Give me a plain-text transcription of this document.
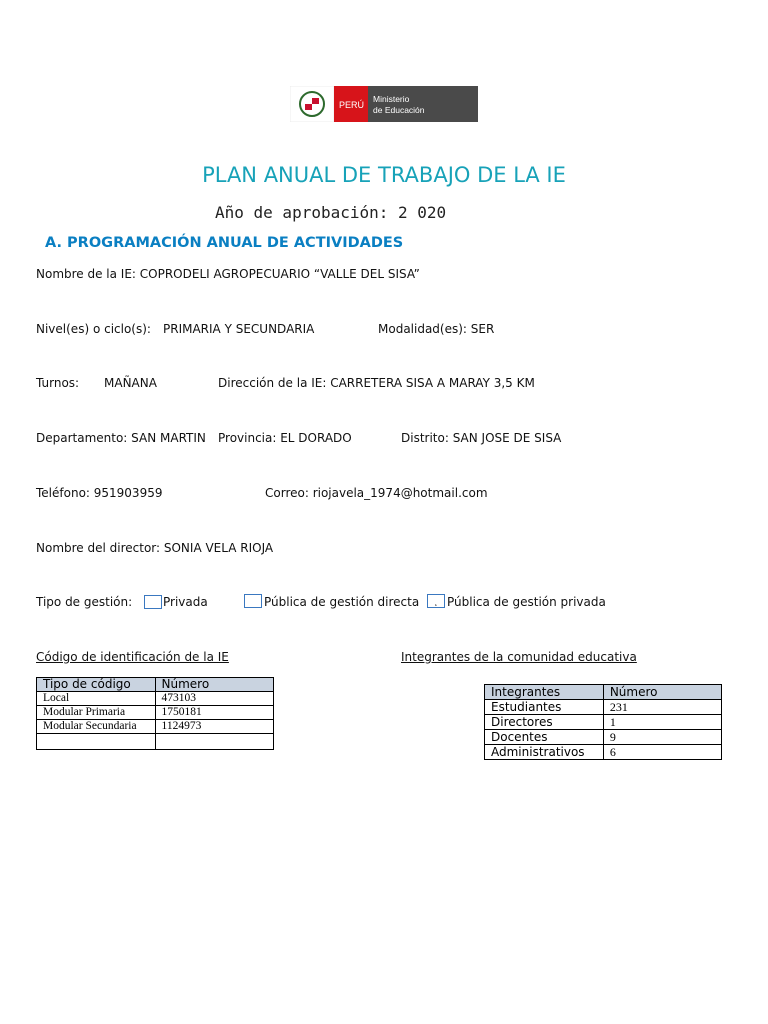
PERÚ
Ministerio
de Educación
PLAN ANUAL DE TRABAJO DE LA IE
Año de aprobación: 2 020
A. PROGRAMACIÓN ANUAL DE ACTIVIDADES
Nombre de la IE: COPRODELI AGROPECUARIO “VALLE DEL SISA”
Nivel(es) o ciclo(s): PRIMARIA Y SECUNDARIA	Modalidad(es): SER
Turnos: MAÑANA	Dirección de la IE: CARRETERA SISA A MARAY 3,5 KM
Departamento: SAN MARTIN Provincia: EL DORADO	Distrito: SAN JOSE DE SISA
Teléfono: 951903959	Correo: riojavela_1974@hotmail.com
Nombre del director: SONIA VELA RIOJA
Tipo de gestión:	Privada	Pública de gestión directa Pública de gestión privada
Código de identificación de la IE	Integrantes de la comunidad educativa
Tipo de código	Número
Local	473103
Modular Primaria	1750181
Modular Secundaria	1124973

Integrantes	Número
Estudiantes	231
Directores	1
Docentes	9
Administrativos	6
